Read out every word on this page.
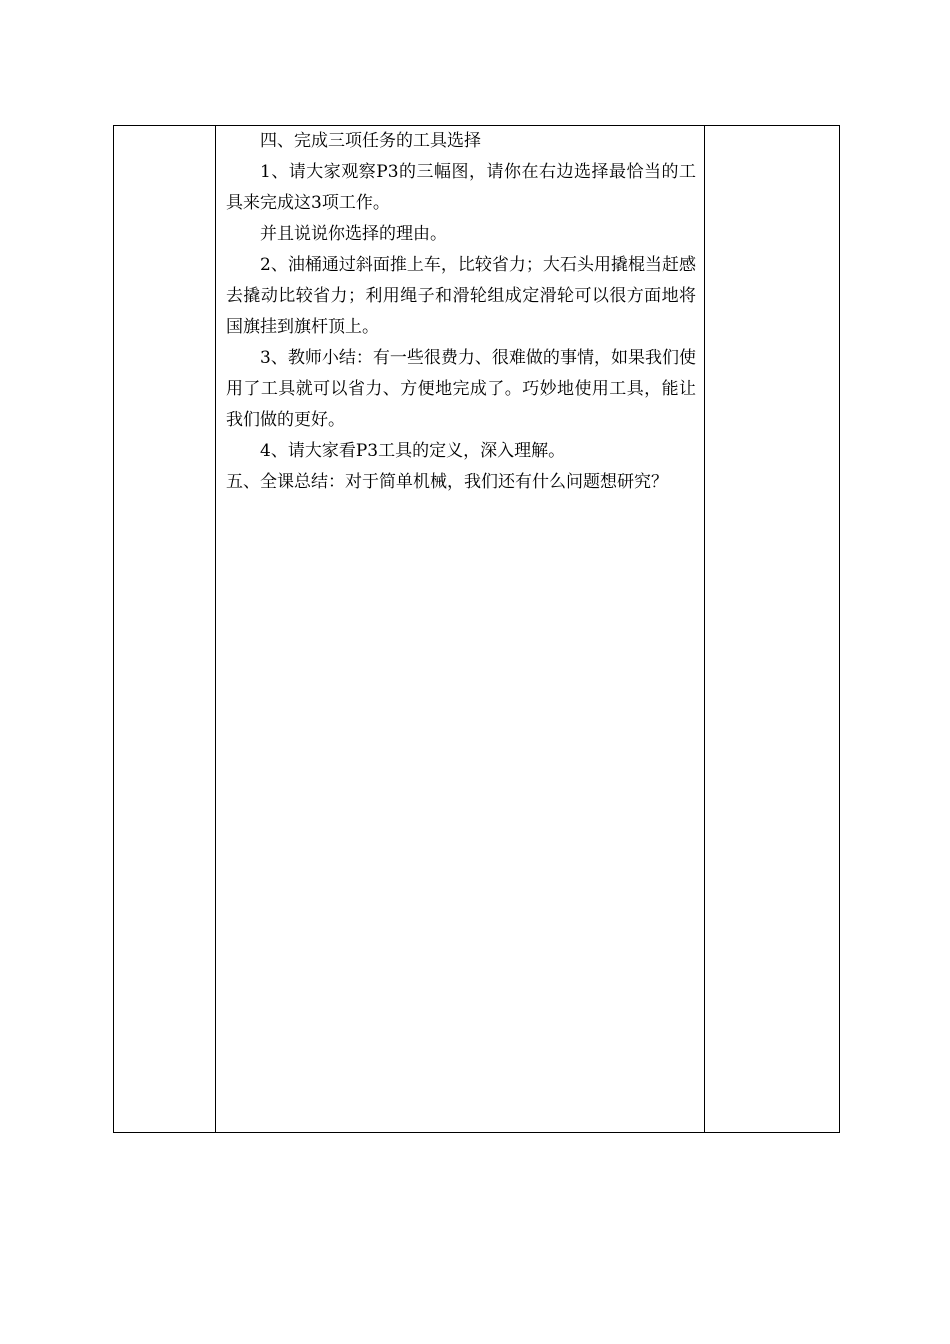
四、完成三项任务的工具选择

1、请大家观察P3的三幅图，请你在右边选择最恰当的工具来完成这3项工作。

并且说说你选择的理由。

2、油桶通过斜面推上车，比较省力；大石头用撬棍当赶感去撬动比较省力；利用绳子和滑轮组成定滑轮可以很方面地将国旗挂到旗杆顶上。

3、教师小结：有一些很费力、很难做的事情，如果我们使用了工具就可以省力、方便地完成了。巧妙地使用工具，能让我们做的更好。

4、请大家看P3工具的定义，深入理解。

五、全课总结：对于简单机械，我们还有什么问题想研究？
